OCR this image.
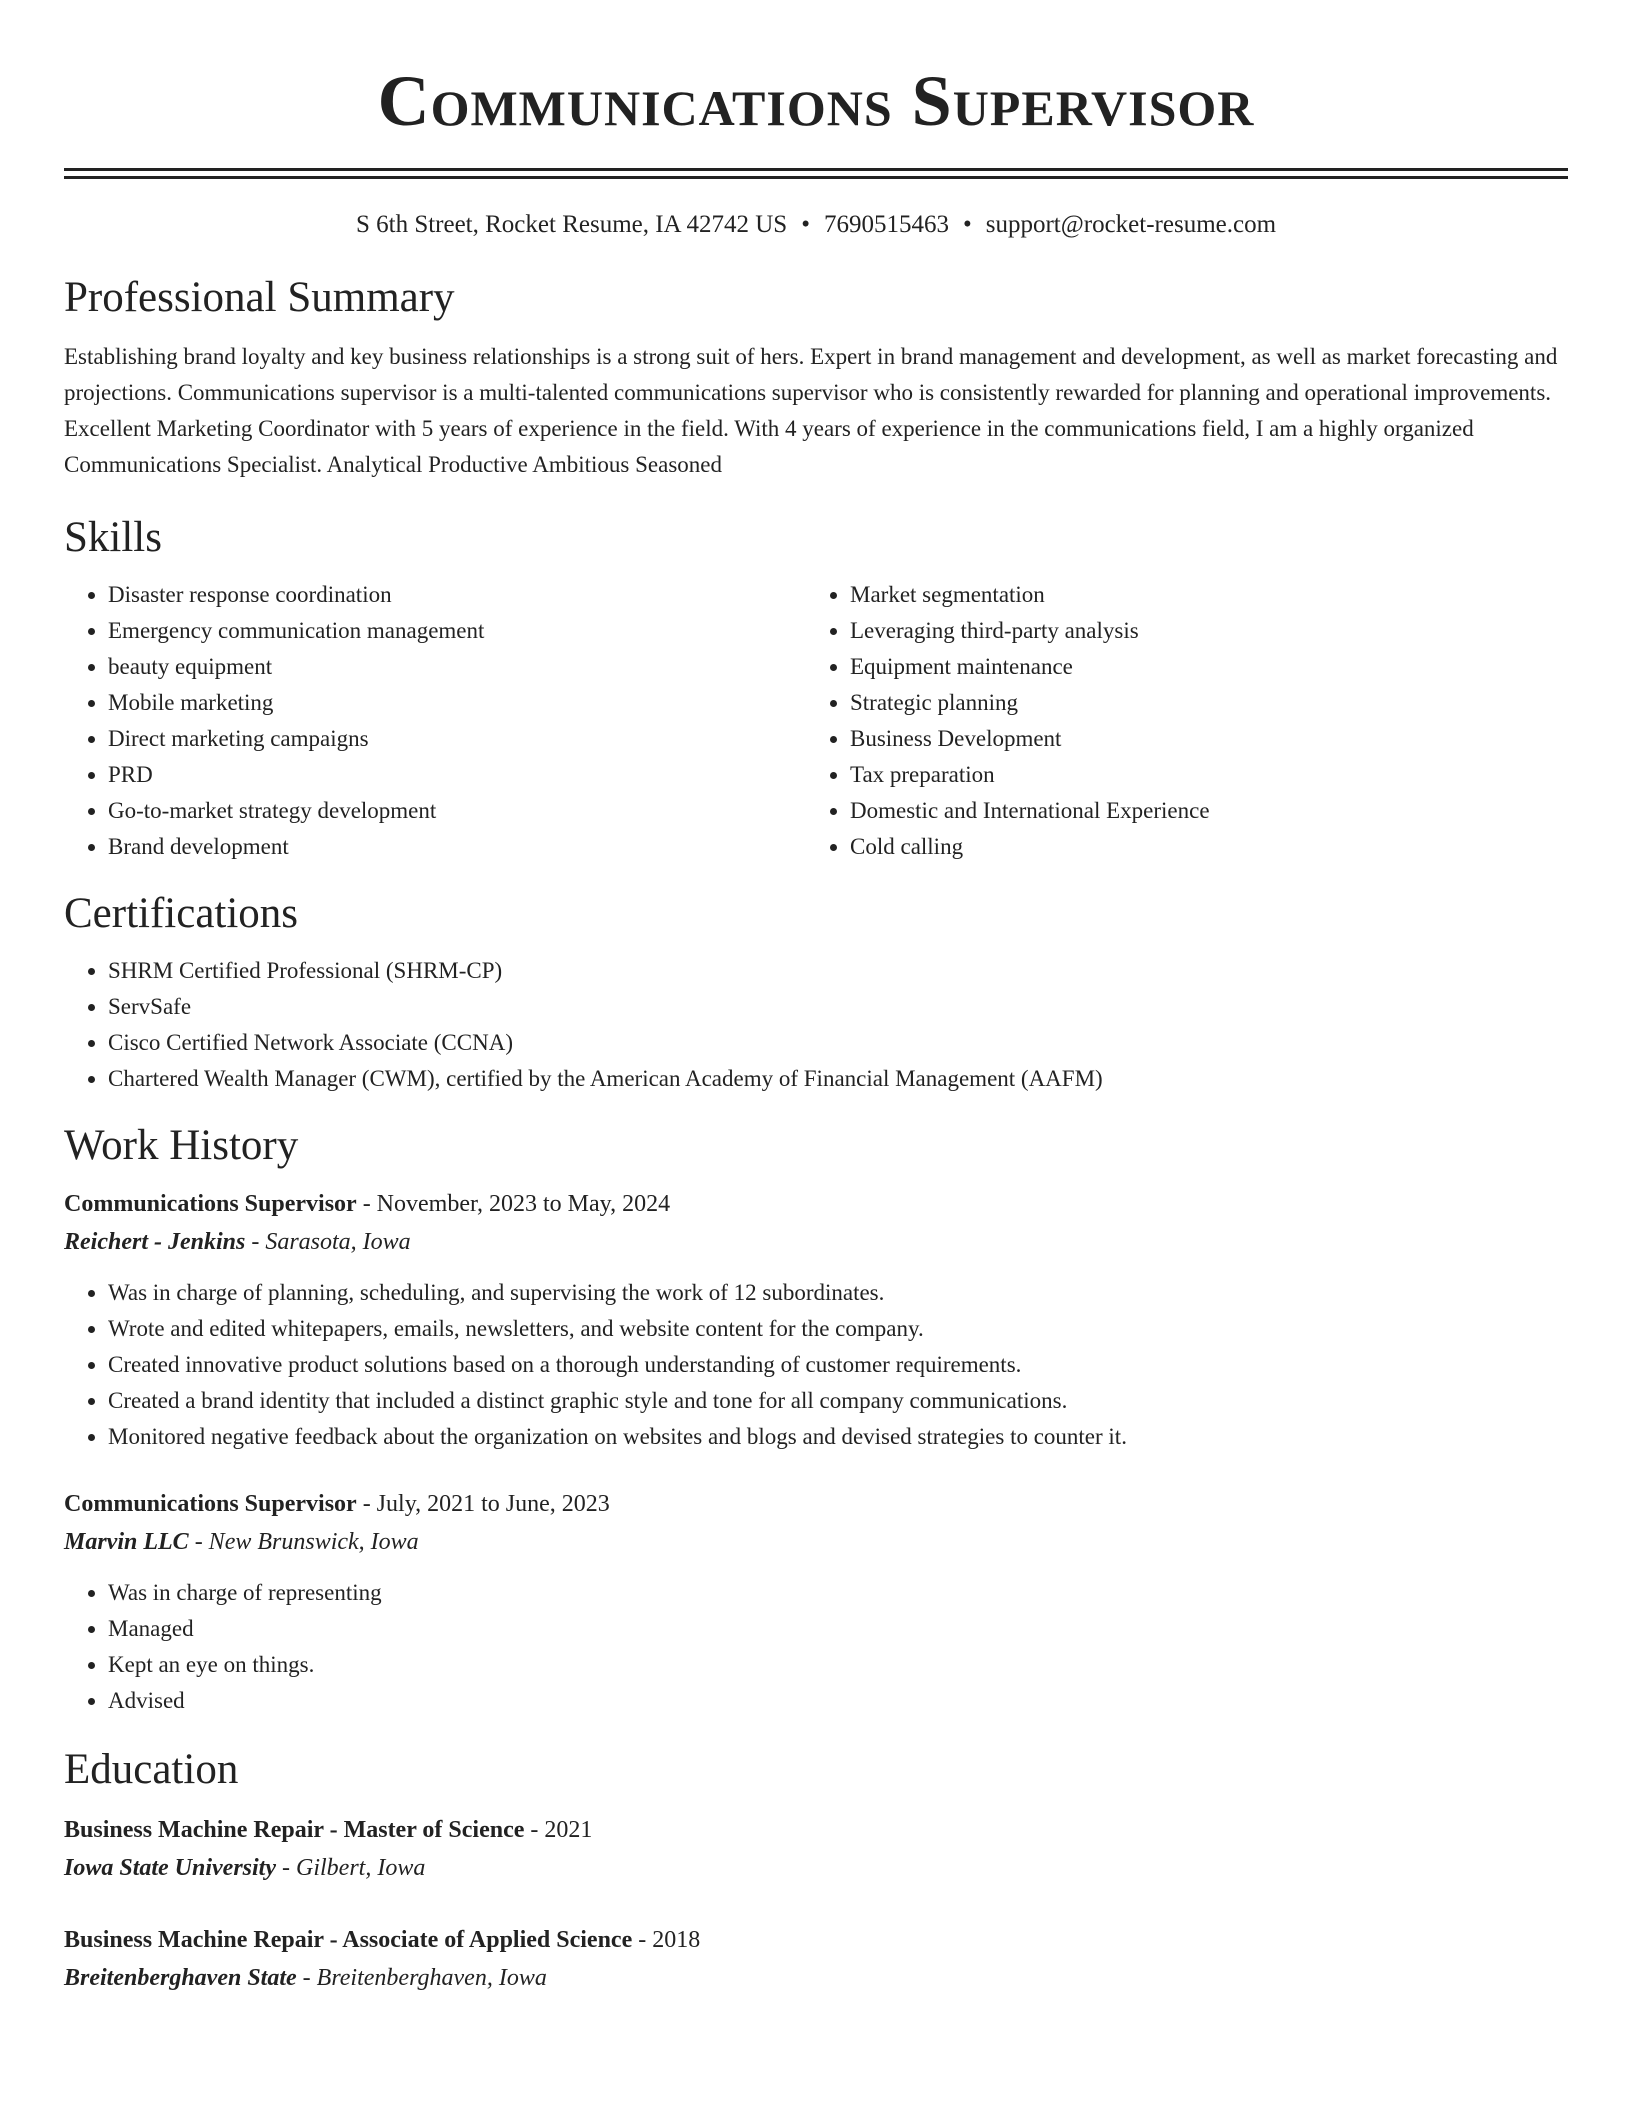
Communications Supervisor
S 6th Street, Rocket Resume, IA 42742 US • 7690515463 • support@rocket-resume.com
Professional Summary

Establishing brand loyalty and key business relationships is a strong suit of hers. Expert in brand management and development, as well as market forecasting and projections. Communications supervisor is a multi-talented communications supervisor who is consistently rewarded for planning and operational improvements. Excellent Marketing Coordinator with 5 years of experience in the field. With 4 years of experience in the communications field, I am a highly organized Communications Specialist. Analytical Productive Ambitious Seasoned

Skills
• Disaster response coordination
• Emergency communication management
• beauty equipment
• Mobile marketing
• Direct marketing campaigns
• PRD
• Go-to-market strategy development
• Brand development
• Market segmentation
• Leveraging third-party analysis
• Equipment maintenance
• Strategic planning
• Business Development
• Tax preparation
• Domestic and International Experience
• Cold calling
Certifications
• SHRM Certified Professional (SHRM-CP)
• ServSafe
• Cisco Certified Network Associate (CCNA)
• Chartered Wealth Manager (CWM), certified by the American Academy of Financial Management (AAFM)
Work History
Communications Supervisor - November, 2023 to May, 2024
Reichert - Jenkins - Sarasota, Iowa
• Was in charge of planning, scheduling, and supervising the work of 12 subordinates.
• Wrote and edited whitepapers, emails, newsletters, and website content for the company.
• Created innovative product solutions based on a thorough understanding of customer requirements.
• Created a brand identity that included a distinct graphic style and tone for all company communications.
• Monitored negative feedback about the organization on websites and blogs and devised strategies to counter it.
Communications Supervisor - July, 2021 to June, 2023
Marvin LLC - New Brunswick, Iowa
• Was in charge of representing
• Managed
• Kept an eye on things.
• Advised
Education
Business Machine Repair - Master of Science - 2021
Iowa State University - Gilbert, Iowa
Business Machine Repair - Associate of Applied Science - 2018
Breitenberghaven State - Breitenberghaven, Iowa
